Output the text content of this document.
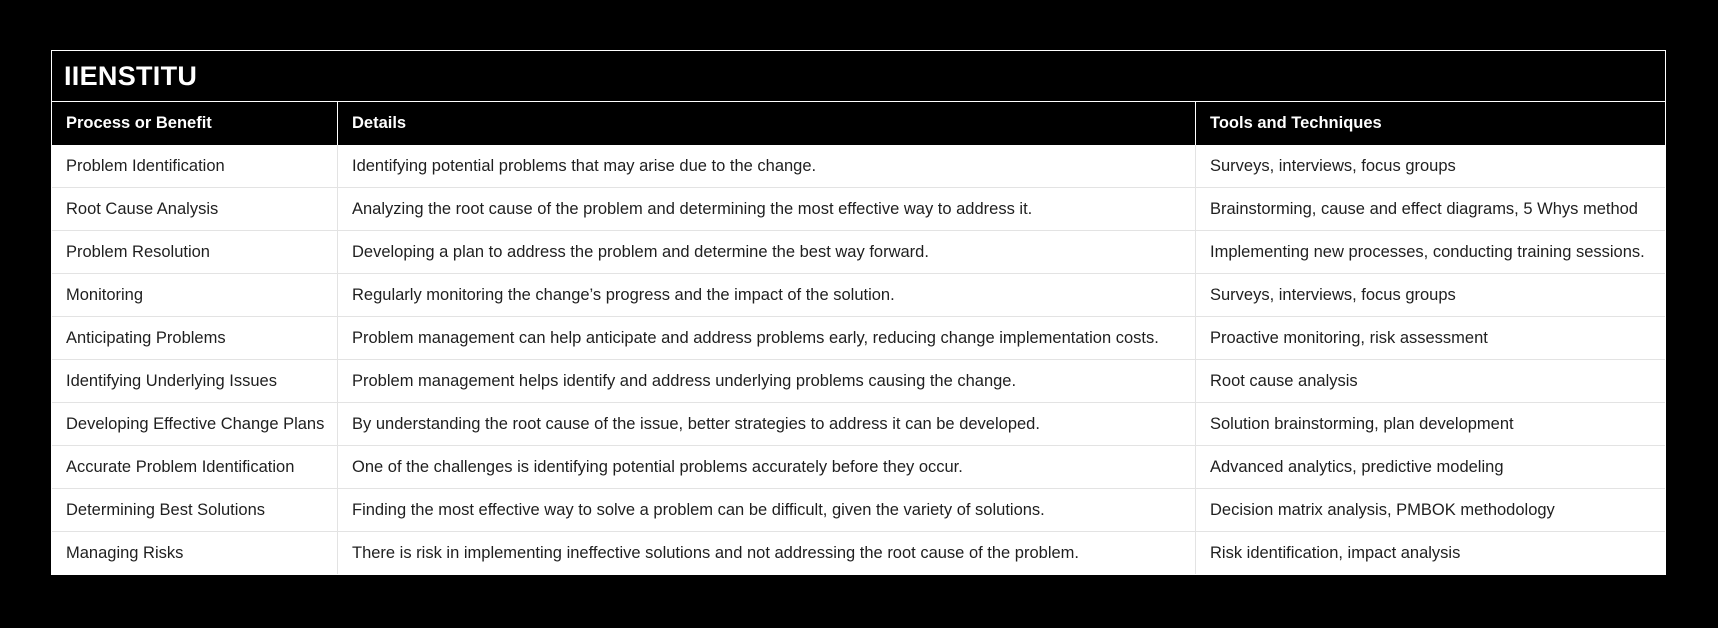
IIENSTITU
Process or Benefit	Details	Tools and Techniques
Problem Identification	Identifying potential problems that may arise due to the change.	Surveys, interviews, focus groups
Root Cause Analysis	Analyzing the root cause of the problem and determining the most effective way to address it.	Brainstorming, cause and effect diagrams, 5 Whys method
Problem Resolution	Developing a plan to address the problem and determine the best way forward.	Implementing new processes, conducting training sessions.
Monitoring	Regularly monitoring the change’s progress and the impact of the solution.	Surveys, interviews, focus groups
Anticipating Problems	Problem management can help anticipate and address problems early, reducing change implementation costs.	Proactive monitoring, risk assessment
Identifying Underlying Issues	Problem management helps identify and address underlying problems causing the change.	Root cause analysis
Developing Effective Change Plans	By understanding the root cause of the issue, better strategies to address it can be developed.	Solution brainstorming, plan development
Accurate Problem Identification	One of the challenges is identifying potential problems accurately before they occur.	Advanced analytics, predictive modeling
Determining Best Solutions	Finding the most effective way to solve a problem can be difficult, given the variety of solutions.	Decision matrix analysis, PMBOK methodology
Managing Risks	There is risk in implementing ineffective solutions and not addressing the root cause of the problem.	Risk identification, impact analysis
